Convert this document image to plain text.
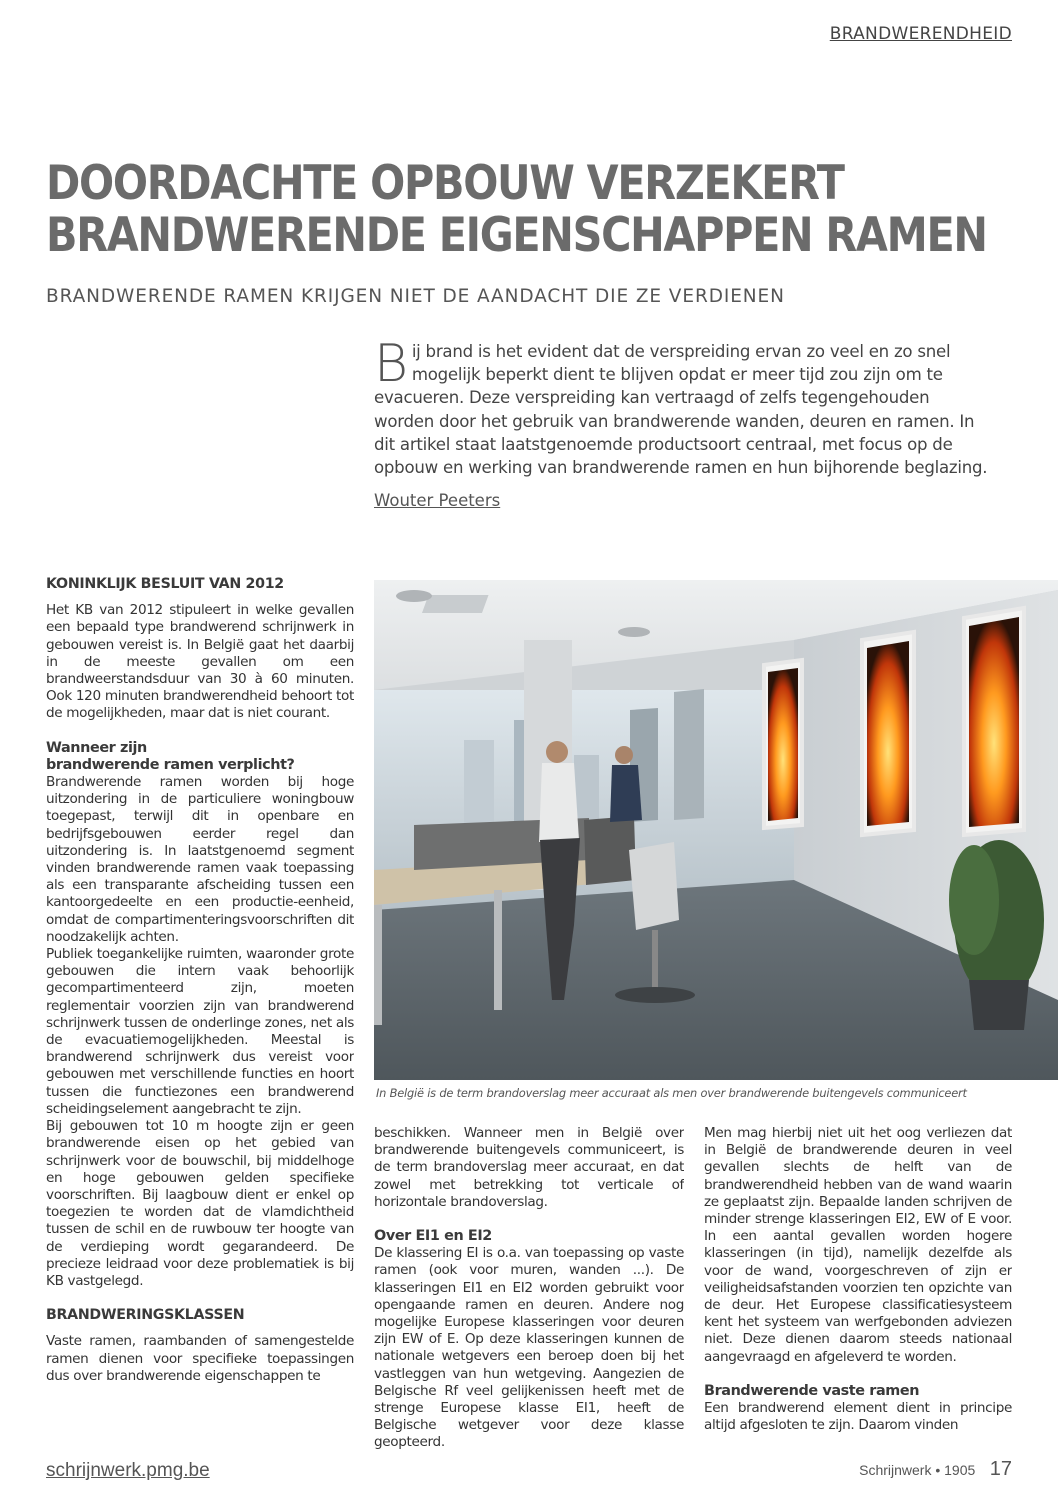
BRANDWERENDHEID
DOORDACHTE OPBOUW VERZEKERT
BRANDWERENDE EIGENSCHAPPEN RAMEN
BRANDWERENDE RAMEN KRIJGEN NIET DE AANDACHT DIE ZE VERDIENEN
B ij brand is het evident dat de verspreiding ervan zo veel en zo snel mogelijk beperkt dient te blijven opdat er meer tijd zou zijn om te evacueren. Deze verspreiding kan vertraagd of zelfs tegengehouden worden door het gebruik van brandwerende wanden, deuren en ramen. In dit artikel staat laatstgenoemde productsoort centraal, met focus op de opbouw en werking van brandwerende ramen en hun bijhorende beglazing.

Wouter Peeters
KONINKLIJK BESLUIT VAN 2012

Het KB van 2012 stipuleert in welke gevallen een bepaald type brandwerend schrijnwerk in gebouwen vereist is. In België gaat het daarbij in de meeste gevallen om een brandweerstandsduur van 30 à 60 minuten. Ook 120 minuten brandwerendheid behoort tot de mogelijkheden, maar dat is niet courant.

Wanneer zijn
brandwerende ramen verplicht?

Brandwerende ramen worden bij hoge uitzondering in de particuliere woningbouw toegepast, terwijl dit in openbare en bedrijfsgebouwen eerder regel dan uitzondering is. In laatstgenoemd segment vinden brandwerende ramen vaak toepassing als een transparante afscheiding tussen een kantoorgedeelte en een productie-eenheid, omdat de compartimenteringsvoorschriften dit noodzakelijk achten.

Publiek toegankelijke ruimten, waaronder grote gebouwen die intern vaak behoorlijk gecompartimenteerd zijn, moeten reglementair voorzien zijn van brandwerend schrijnwerk tussen de onderlinge zones, net als de evacuatiemogelijkheden. Meestal is brandwerend schrijnwerk dus vereist voor gebouwen met verschillende functies en hoort tussen die functiezones een brandwerend scheidingselement aangebracht te zijn.

Bij gebouwen tot 10 m hoogte zijn er geen brandwerende eisen op het gebied van schrijnwerk voor de bouwschil, bij middelhoge en hoge gebouwen gelden specifieke voorschriften. Bij laagbouw dient er enkel op toegezien te worden dat de vlamdichtheid tussen de schil en de ruwbouw ter hoogte van de verdieping wordt gegarandeerd. De precieze leidraad voor deze problematiek is bij KB vastgelegd.

BRANDWERINGSKLASSEN

Vaste ramen, raambanden of samengestelde ramen dienen voor specifieke toepassingen dus over brandwerende eigenschappen te

In België is de term brandoverslag meer accuraat als men over brandwerende buitengevels communiceert

beschikken. Wanneer men in België over brandwerende buitengevels communiceert, is de term brandoverslag meer accuraat, en dat zowel met betrekking tot verticale of horizontale brandoverslag.

Over EI1 en EI2

De klassering EI is o.a. van toepassing op vaste ramen (ook voor muren, wanden ...). De klasseringen EI1 en EI2 worden gebruikt voor opengaande ramen en deuren. Andere nog mogelijke Europese klasseringen voor deuren zijn EW of E. Op deze klasseringen kunnen de nationale wetgevers een beroep doen bij het vastleggen van hun wetgeving. Aangezien de Belgische Rf veel gelijkenissen heeft met de strenge Europese klasse EI1, heeft de Belgische wetgever voor deze klasse geopteerd.

Men mag hierbij niet uit het oog verliezen dat in België de brandwerende deuren in veel gevallen slechts de helft van de brandwerendheid hebben van de wand waarin ze geplaatst zijn. Bepaalde landen schrijven de minder strenge klasseringen EI2, EW of E voor. In een aantal gevallen worden hogere klasseringen (in tijd), namelijk dezelfde als voor de wand, voorgeschreven of zijn er veiligheidsafstanden voorzien ten opzichte van de deur. Het Europese classificatiesysteem kent het systeem van werfgebonden adviezen niet. Deze dienen daarom steeds nationaal aangevraagd en afgeleverd te worden.

Brandwerende vaste ramen

Een brandwerend element dient in principe altijd afgesloten te zijn. Daarom vinden

schrijnwerk.pmg.be	Schrijnwerk • 1905 17
